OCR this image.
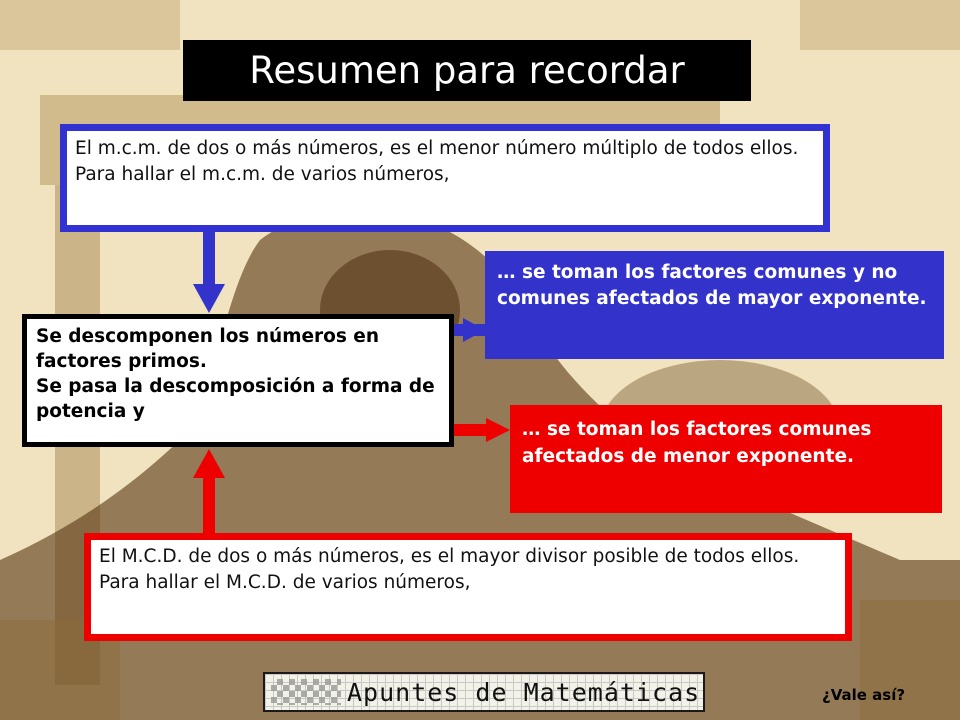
Resumen para recordar
El m.c.m. de dos o más números, es el menor número múltiplo de todos ellos.
Para hallar el m.c.m. de varios números,
Se descomponen los números en factores primos.
Se pasa la descomposición a forma de potencia y
… se toman los factores comunes y no comunes afectados de mayor exponente.
… se toman los factores comunes afectados de menor exponente.
El M.C.D. de dos o más números, es el mayor divisor posible de todos ellos.
Para hallar el M.C.D. de varios números,
Apuntes de Matemáticas	¿Vale así?
